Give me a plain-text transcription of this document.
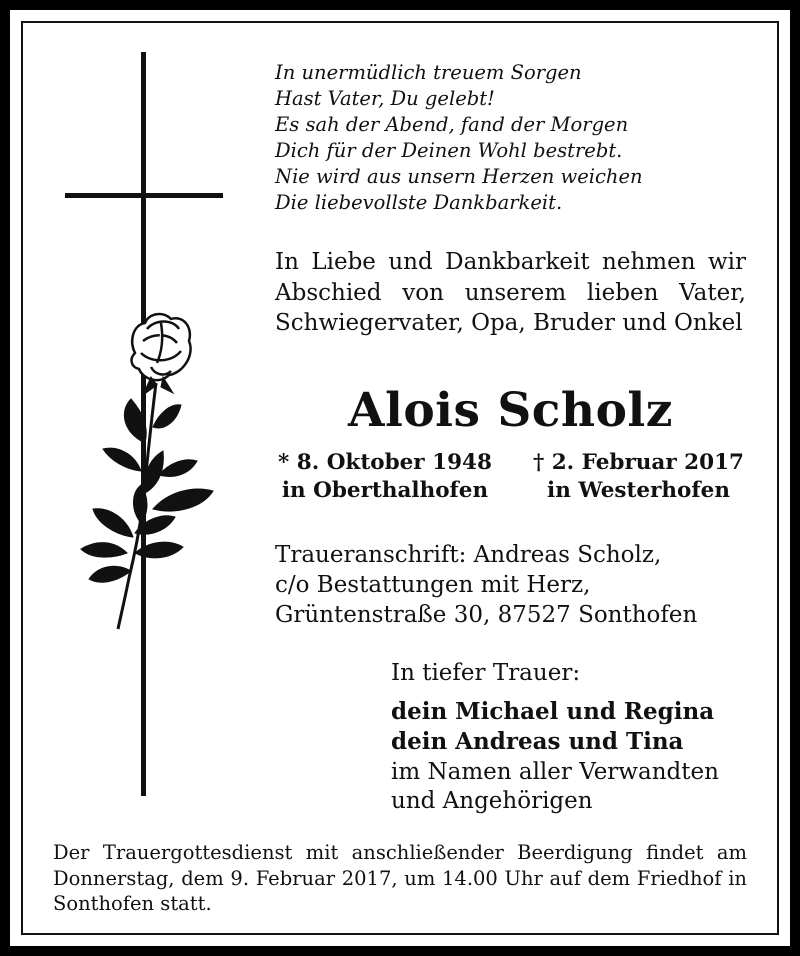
In unermüdlich treuem Sorgen
Hast Vater, Du gelebt!
Es sah der Abend, fand der Morgen
Dich für der Deinen Wohl bestrebt.
Nie wird aus unsern Herzen weichen
Die liebevollste Dankbarkeit.
In Liebe und Dankbarkeit nehmen wir Abschied von unserem lieben Vater, Schwiegervater, Opa, Bruder und Onkel
Alois Scholz
* 8. Oktober 1948
in Oberthalhofen
† 2. Februar 2017
in Westerhofen
Traueranschrift: Andreas Scholz,
c/o Bestattungen mit Herz,
Grüntenstraße 30, 87527 Sonthofen
In tiefer Trauer:
dein Michael und Regina
dein Andreas und Tina
im Namen aller Verwandten
und Angehörigen
Der Trauergottesdienst mit anschließender Beerdigung findet am Donnerstag, dem 9. Februar 2017, um 14.00 Uhr auf dem Friedhof in Sonthofen statt.
